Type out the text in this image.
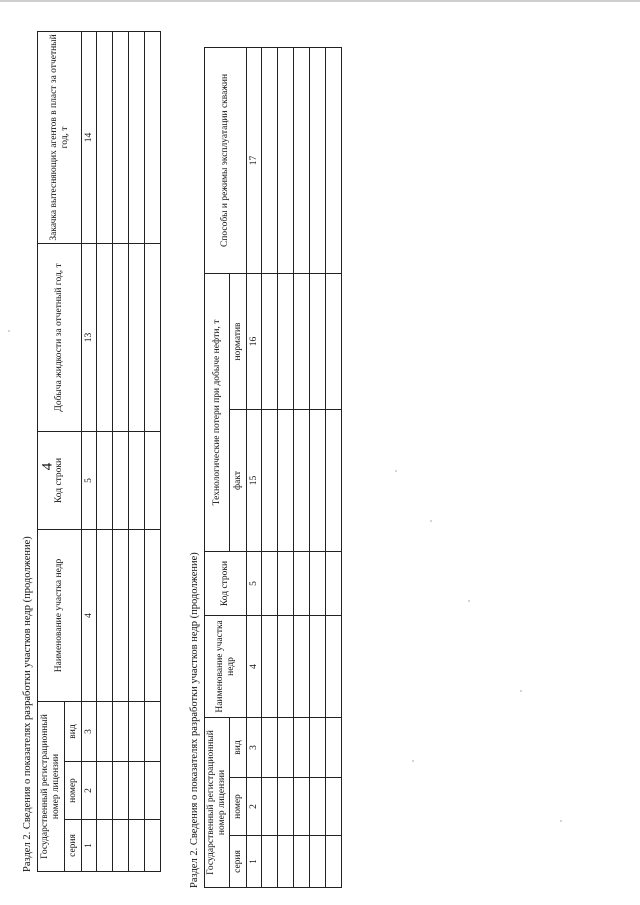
4
Раздел 2. Сведения о показателях разработки участков недр (продолжение) Государственный регистрационный номер лицензии			Наименование участка недр	Код строки	Добыча жидкости за отчетный год, т	Закачка вытесняющих агентов в пласт за отчетный год, т
серия	номер	вид				
1	2	3	4	5	13	14

Раздел 2. Сведения о показателях разработки участков недр (продолжение) Государственный регистрационный номер лицензии			Наименование участка недр	Код строки	Технологические потери при добыче нефти, т		Способы и режимы эксплуатации скважин
серия	номер	вид			факт	норматив	
1	2	3	4	5	15	16	17
